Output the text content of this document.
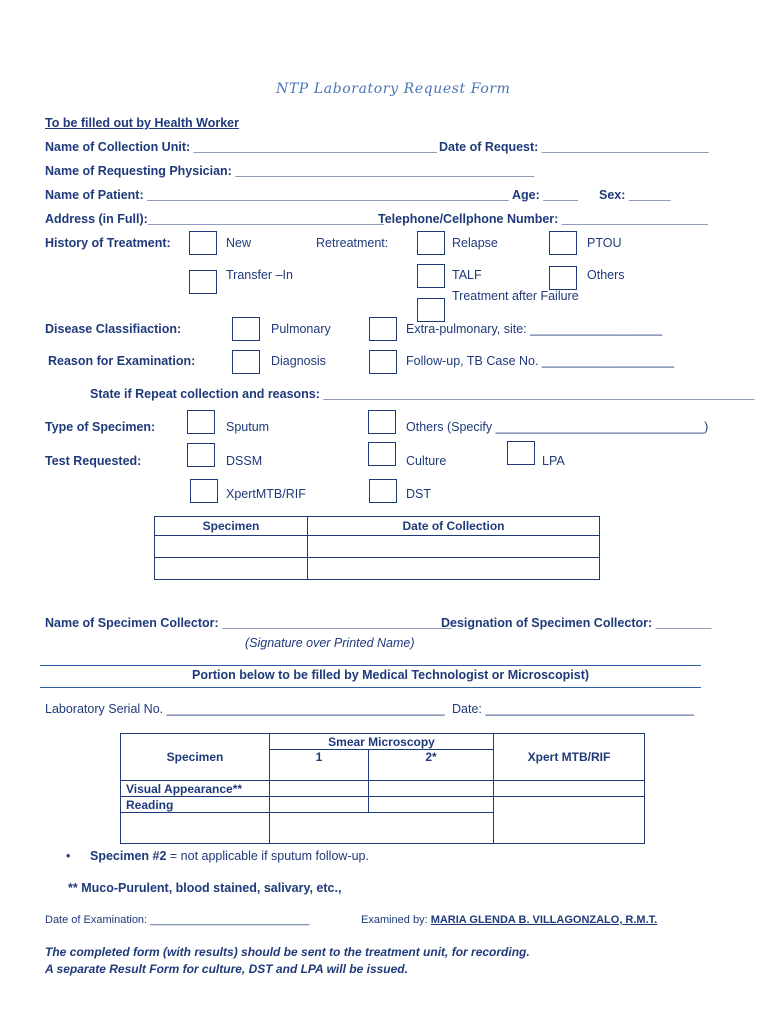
NTP Laboratory Request Form
To be filled out by Health Worker
Name of Collection Unit: ___________________________________ Date of Request: ________________________
Name of Requesting Physician: ___________________________________________
Name of Patient: ____________________________________________________ Age: _____ Sex: ______
Address (in Full):__________________________________
Telephone/Cellphone Number: _____________________
History of Treatment:	New	Retreatment:	Relapse	PTOU
Transfer –In	TALF	Others
Treatment after Failure
Disease Classifiaction:	Pulmonary	Extra-pulmonary, site: ___________________
Reason for Examination:	Diagnosis	Follow-up, TB Case No. ___________________
State if Repeat collection and reasons: ______________________________________________________________
Type of Specimen:	Sputum	Others (Specify ______________________________)
Test Requested:	DSSM	Culture	LPA
XpertMTB/RIF	DST
Specimen	Date of Collection

Name of Specimen Collector: _________________________________
Designation of Specimen Collector: ________
(Signature over Printed Name)
Portion below to be filled by Medical Technologist or Microscopist)
Laboratory Serial No. ________________________________________ Date: ______________________________
Specimen	Smear Microscopy		Xpert MTB/RIF
	1	2*	
Visual Appearance**			
Reading			

• Specimen #2 = not applicable if sputum follow-up.
** Muco-Purulent, blood stained, salivary, etc.,
Date of Examination: __________________________	Examined by: MARIA GLENDA B. VILLAGONZALO, R.M.T.
The completed form (with results) should be sent to the treatment unit, for recording.
A separate Result Form for culture, DST and LPA will be issued.
